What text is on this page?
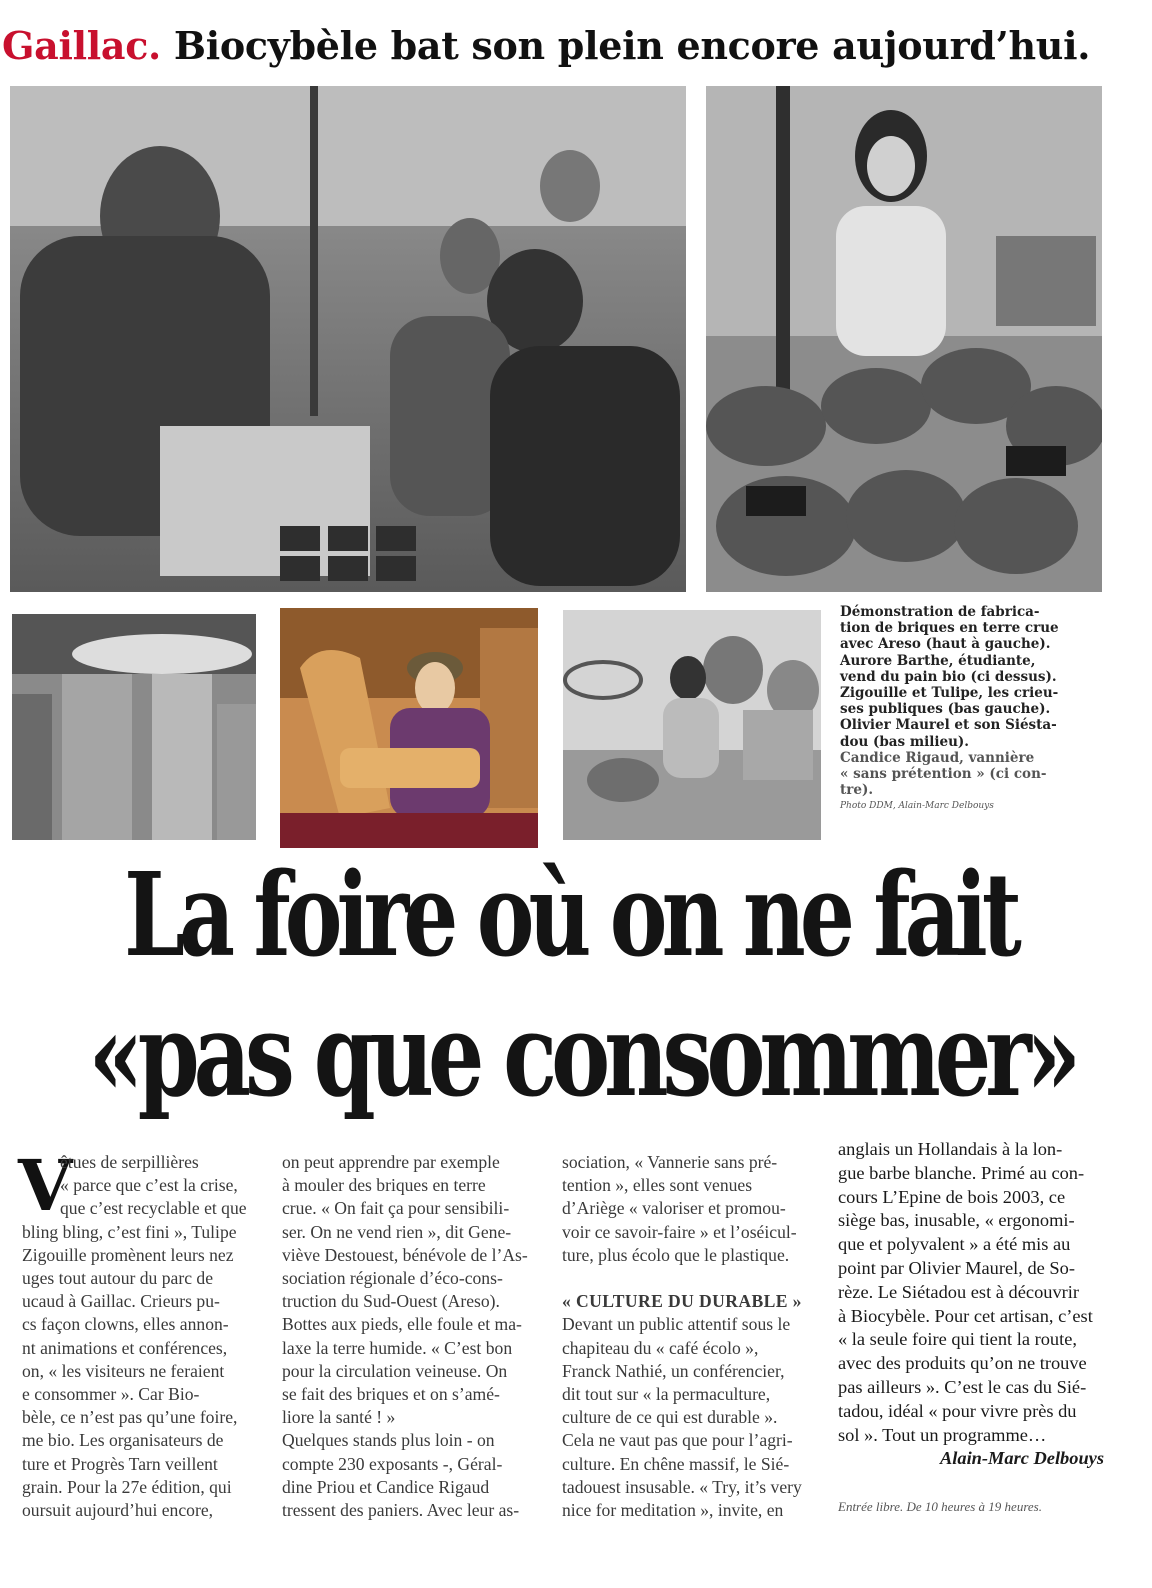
Gaillac. Biocybèle bat son plein encore aujourd’hui.
Démonstration de fabrica-
tion de briques en terre crue
avec Areso (haut à gauche).
Aurore Barthe, étudiante,
vend du pain bio (ci dessus).
Zigouille et Tulipe, les crieu-
ses publiques (bas gauche).
Olivier Maurel et son Siésta-
dou (bas milieu).
Candice Rigaud, vannière
« sans prétention » (ci con-
tre).
Photo DDM, Alain-Marc Delbouys
La foire où on ne fait
«pas que consommer»
V
êtues de serpillières
« parce que c’est la crise,
que c’est recyclable et que
bling bling, c’est fini », Tulipe
Zigouille promènent leurs nez
uges tout autour du parc de
ucaud à Gaillac. Crieurs pu-
cs façon clowns, elles annon-
nt animations et conférences,
on, « les visiteurs ne feraient
e consommer ». Car Bio-
bèle, ce n’est pas qu’une foire,
me bio. Les organisateurs de
ture et Progrès Tarn veillent
grain. Pour la 27e édition, qui
oursuit aujourd’hui encore,
on peut apprendre par exemple
à mouler des briques en terre
crue. « On fait ça pour sensibili-
ser. On ne vend rien », dit Gene-
viève Destouest, bénévole de l’As-
sociation régionale d’éco-cons-
truction du Sud-Ouest (Areso).
Bottes aux pieds, elle foule et ma-
laxe la terre humide. « C’est bon
pour la circulation veineuse. On
se fait des briques et on s’amé-
liore la santé ! »
Quelques stands plus loin - on
compte 230 exposants -, Géral-
dine Priou et Candice Rigaud
tressent des paniers. Avec leur as-
sociation, « Vannerie sans pré-
tention », elles sont venues
d’Ariège « valoriser et promou-
voir ce savoir-faire » et l’oséicul-
ture, plus écolo que le plastique.

« CULTURE DU DURABLE »
Devant un public attentif sous le
chapiteau du « café écolo »,
Franck Nathié, un conférencier,
dit tout sur « la permaculture,
culture de ce qui est durable ».
Cela ne vaut pas que pour l’agri-
culture. En chêne massif, le Sié-
tadouest insusable. « Try, it’s very
nice for meditation », invite, en
anglais un Hollandais à la lon-
gue barbe blanche. Primé au con-
cours L’Epine de bois 2003, ce
siège bas, inusable, « ergonomi-
que et polyvalent » a été mis au
point par Olivier Maurel, de So-
rèze. Le Siétadou est à découvrir
à Biocybèle. Pour cet artisan, c’est
« la seule foire qui tient la route,
avec des produits qu’on ne trouve
pas ailleurs ». C’est le cas du Sié-
tadou, idéal « pour vivre près du
sol ». Tout un programme…
Alain-Marc Delbouys

Entrée libre. De 10 heures à 19 heures.
